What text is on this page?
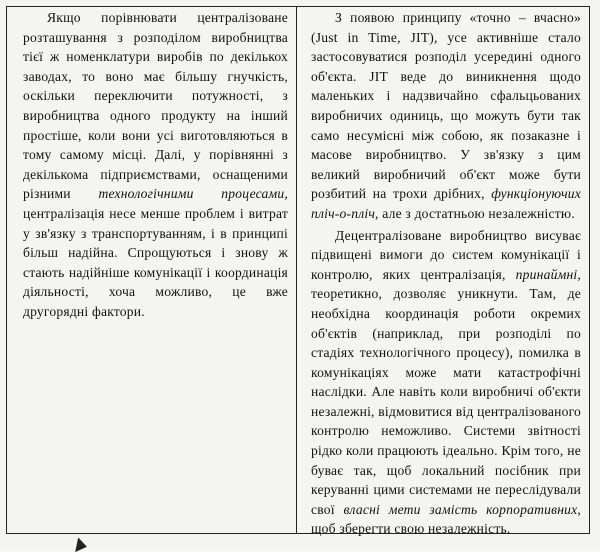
Якщо порівнювати централізоване розташування з розподілом виробництва тієї ж номенклатури виробів по декількох заводах, то воно має більшу гнучкість, оскільки переключити потужності, з виробництва одного продукту на інший простіше, коли вони усі виготовляються в тому самому місці. Далі, у порівнянні з декількома підприємствами, оснащеними різними технологічними процесами, централізація несе менше проблем і витрат у зв'язку з транспортуванням, і в принципі більш надійна. Спрощуються і знову ж стають надійніше комунікації і координація діяльності, хоча можливо, це вже другорядні фактори.

З появою принципу «точно – вчасно» (Just in Time, JIT), усе активніше стало застосовуватися розподіл усередині одного об'єкта. JIT веде до виникнення щодо маленьких і надзвичайно сфальцьованих виробничих одиниць, що можуть бути так само несумісні між собою, як позаказне і масове виробництво. У зв'язку з цим великий виробничий об'єкт може бути розбитий на трохи дрібних, функціонуючих пліч-о-пліч, але з достатньою незалежністю.

Децентралізоване виробництво висуває підвищені вимоги до систем комунікації і контролю, яких централізація, принаймні, теоретикно, дозволяє уникнути. Там, де необхідна координація роботи окремих об'єктів (наприклад, при розподілі по стадіях технологічного процесу), помилка в комунікаціях може мати катастрофічні наслідки. Але навіть коли виробничі об'єкти незалежні, відмовитися від централізованого контролю неможливо. Системи звітності рідко коли працюють ідеально. Крім того, не буває так, щоб локальний посібник при керуванні цими системами не переслідували свої власні мети замість корпоративних, щоб зберегти свою незалежність.
